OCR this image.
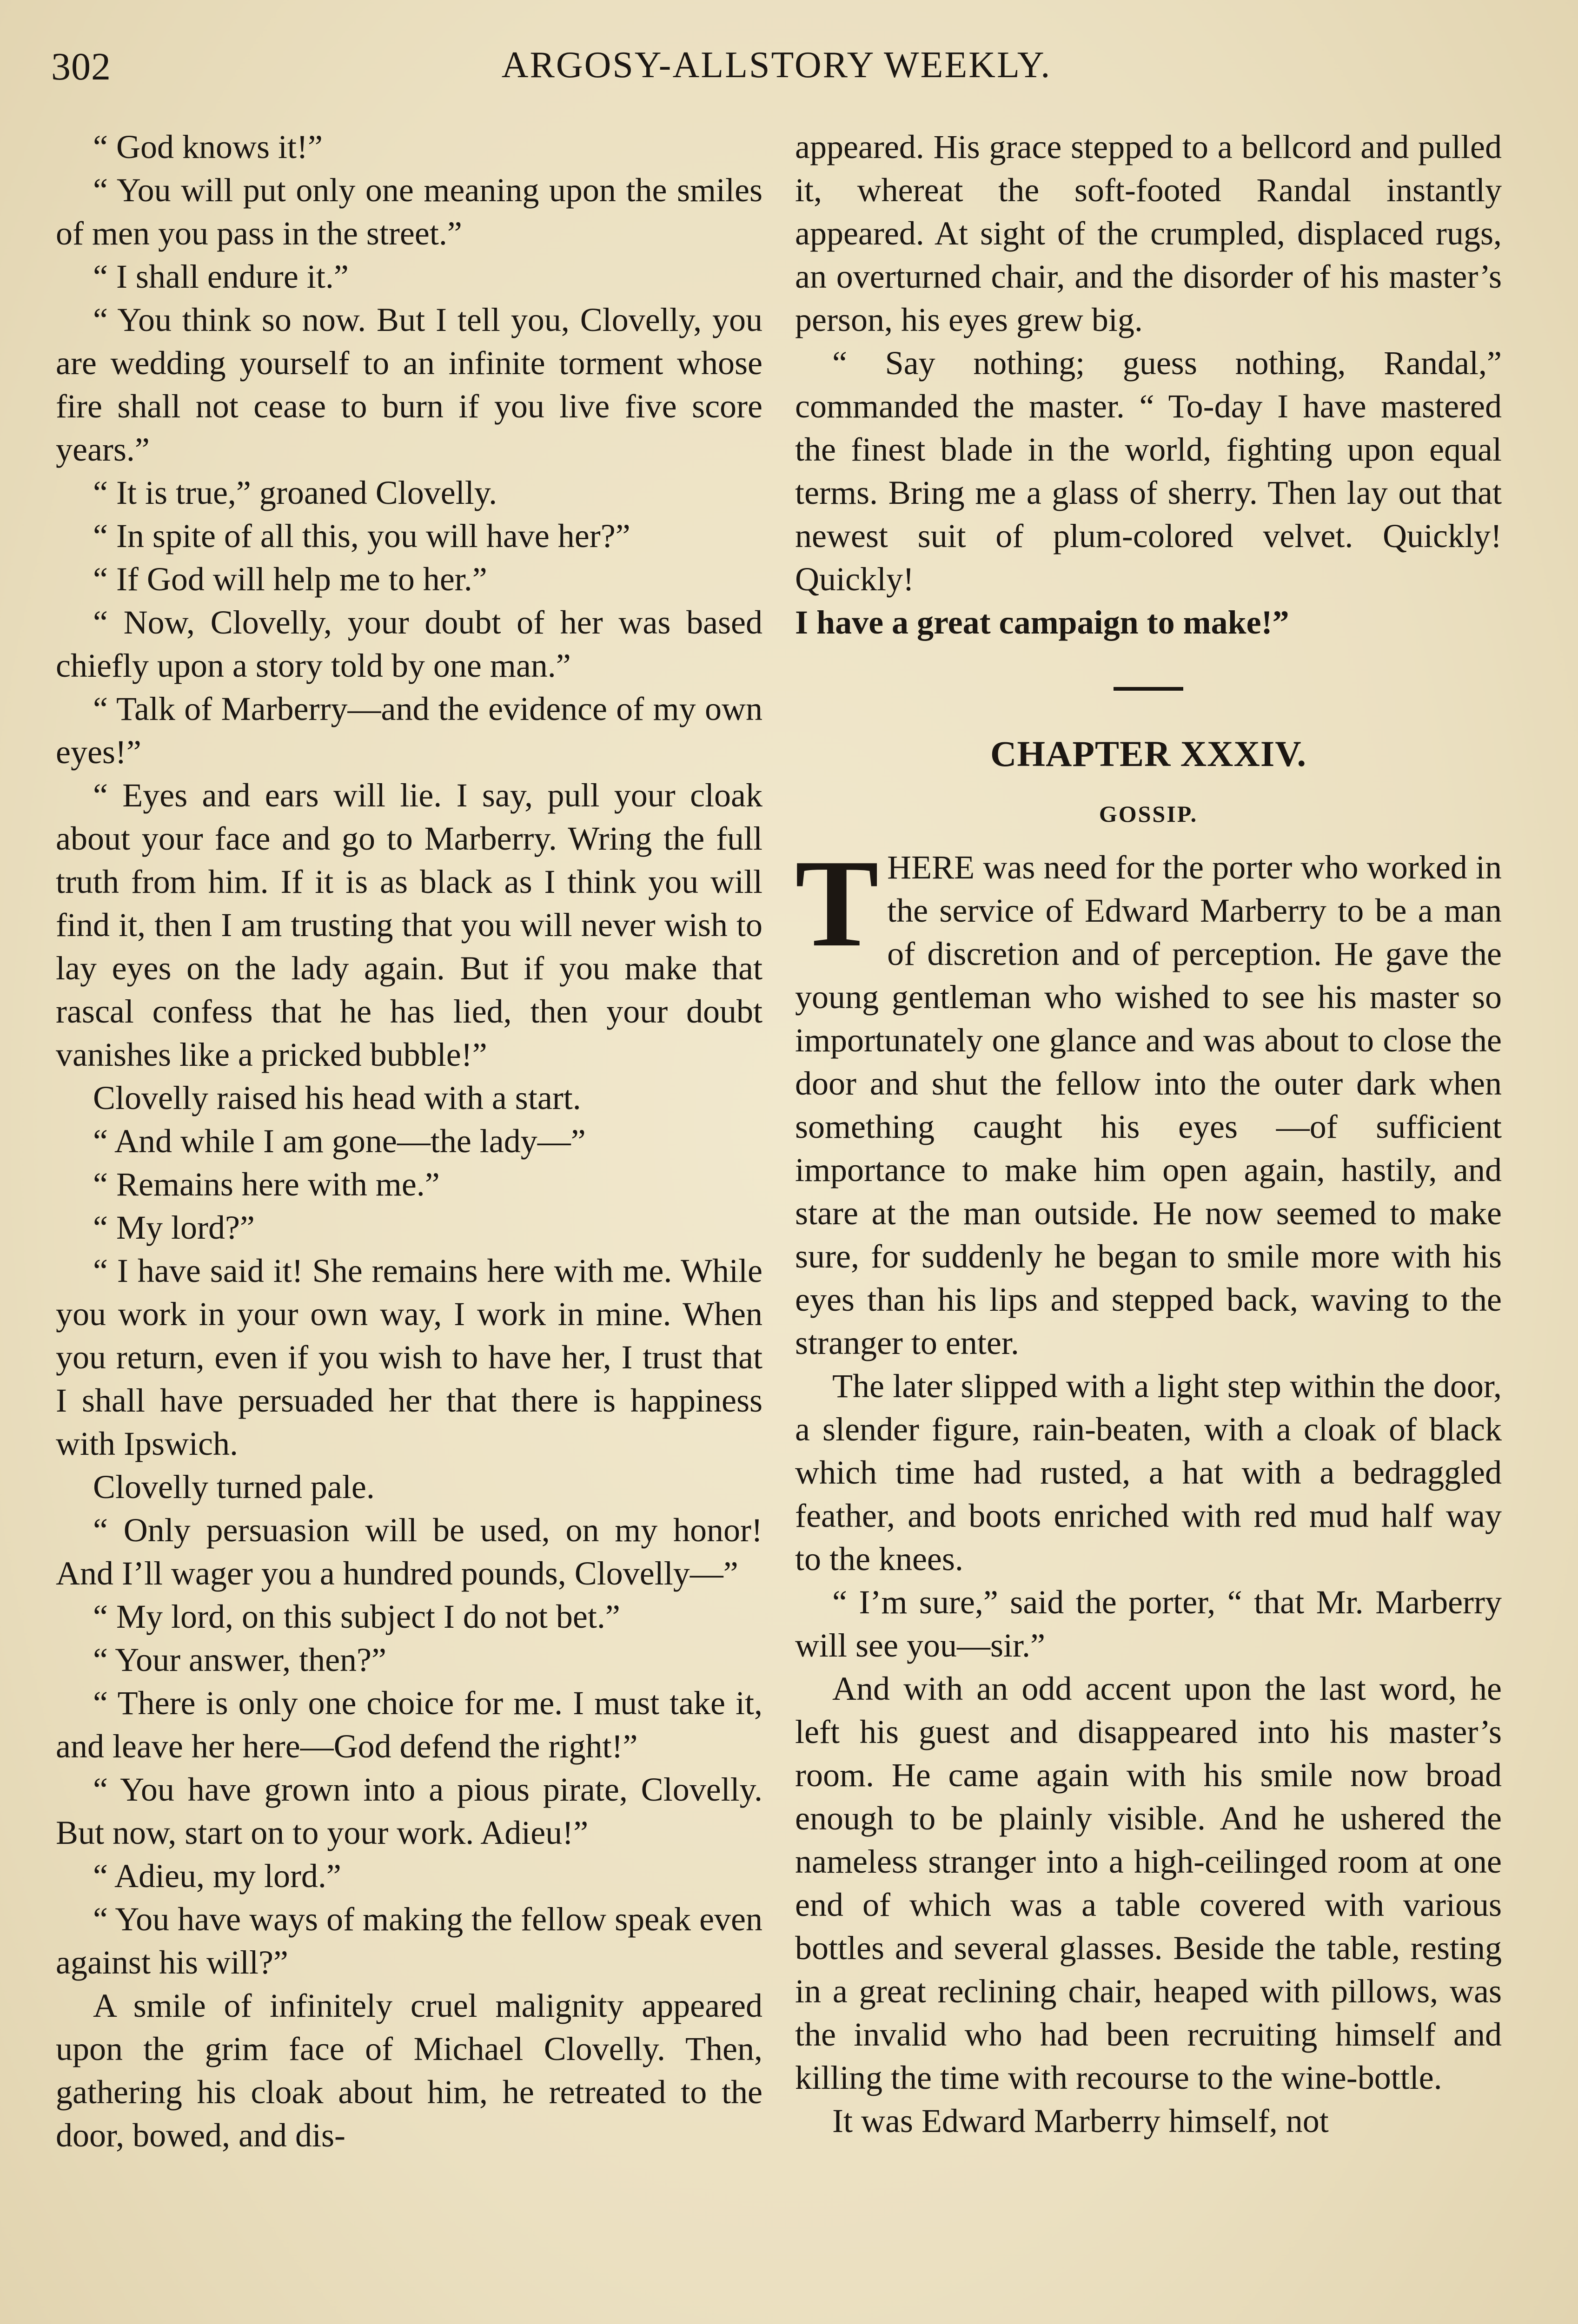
302	ARGOSY-ALLSTORY WEEKLY.

“ God knows it!”

“ You will put only one meaning upon the smiles of men you pass in the street.”

“ I shall endure it.”

“ You think so now. But I tell you, Clovelly, you are wedding yourself to an infinite torment whose fire shall not cease to burn if you live five score years.”

“ It is true,” groaned Clovelly.

“ In spite of all this, you will have her?”

“ If God will help me to her.”

“ Now, Clovelly, your doubt of her was based chiefly upon a story told by one man.”

“ Talk of Marberry—and the evidence of my own eyes!”

“ Eyes and ears will lie. I say, pull your cloak about your face and go to Marberry. Wring the full truth from him. If it is as black as I think you will find it, then I am trusting that you will never wish to lay eyes on the lady again. But if you make that rascal confess that he has lied, then your doubt vanishes like a pricked bubble!”

Clovelly raised his head with a start.

“ And while I am gone—the lady—”

“ Remains here with me.”

“ My lord?”

“ I have said it! She remains here with me. While you work in your own way, I work in mine. When you return, even if you wish to have her, I trust that I shall have persuaded her that there is happiness with Ipswich.

Clovelly turned pale.

“ Only persuasion will be used, on my honor! And I’ll wager you a hundred pounds, Clovelly—”

“ My lord, on this subject I do not bet.”

“ Your answer, then?”

“ There is only one choice for me. I must take it, and leave her here—God defend the right!”

“ You have grown into a pious pirate, Clovelly. But now, start on to your work. Adieu!”

“ Adieu, my lord.”

“ You have ways of making the fellow speak even against his will?”

A smile of infinitely cruel malignity appeared upon the grim face of Michael Clovelly. Then, gathering his cloak about him, he retreated to the door, bowed, and dis-

appeared. His grace stepped to a bellcord and pulled it, whereat the soft-footed Randal instantly appeared. At sight of the crumpled, displaced rugs, an overturned chair, and the disorder of his master’s person, his eyes grew big.

“ Say nothing; guess nothing, Randal,” commanded the master. “ To-day I have mastered the finest blade in the world, fighting upon equal terms. Bring me a glass of sherry. Then lay out that newest suit of plum-colored velvet. Quickly! Quickly!

I have a great campaign to make!”

CHAPTER XXXIV.
GOSSIP.

THERE was need for the porter who worked in the service of Edward Marberry to be a man of discretion and of perception. He gave the young gentleman who wished to see his master so importunately one glance and was about to close the door and shut the fellow into the outer dark when something caught his eyes —of sufficient importance to make him open again, hastily, and stare at the man outside. He now seemed to make sure, for suddenly he began to smile more with his eyes than his lips and stepped back, waving to the stranger to enter.

The later slipped with a light step within the door, a slender figure, rain-beaten, with a cloak of black which time had rusted, a hat with a bedraggled feather, and boots enriched with red mud half way to the knees.

“ I’m sure,” said the porter, “ that Mr. Marberry will see you—sir.”

And with an odd accent upon the last word, he left his guest and disappeared into his master’s room. He came again with his smile now broad enough to be plainly visible. And he ushered the nameless stranger into a high-ceilinged room at one end of which was a table covered with various bottles and several glasses. Beside the table, resting in a great reclining chair, heaped with pillows, was the invalid who had been recruiting himself and killing the time with recourse to the wine-bottle.

It was Edward Marberry himself, not
